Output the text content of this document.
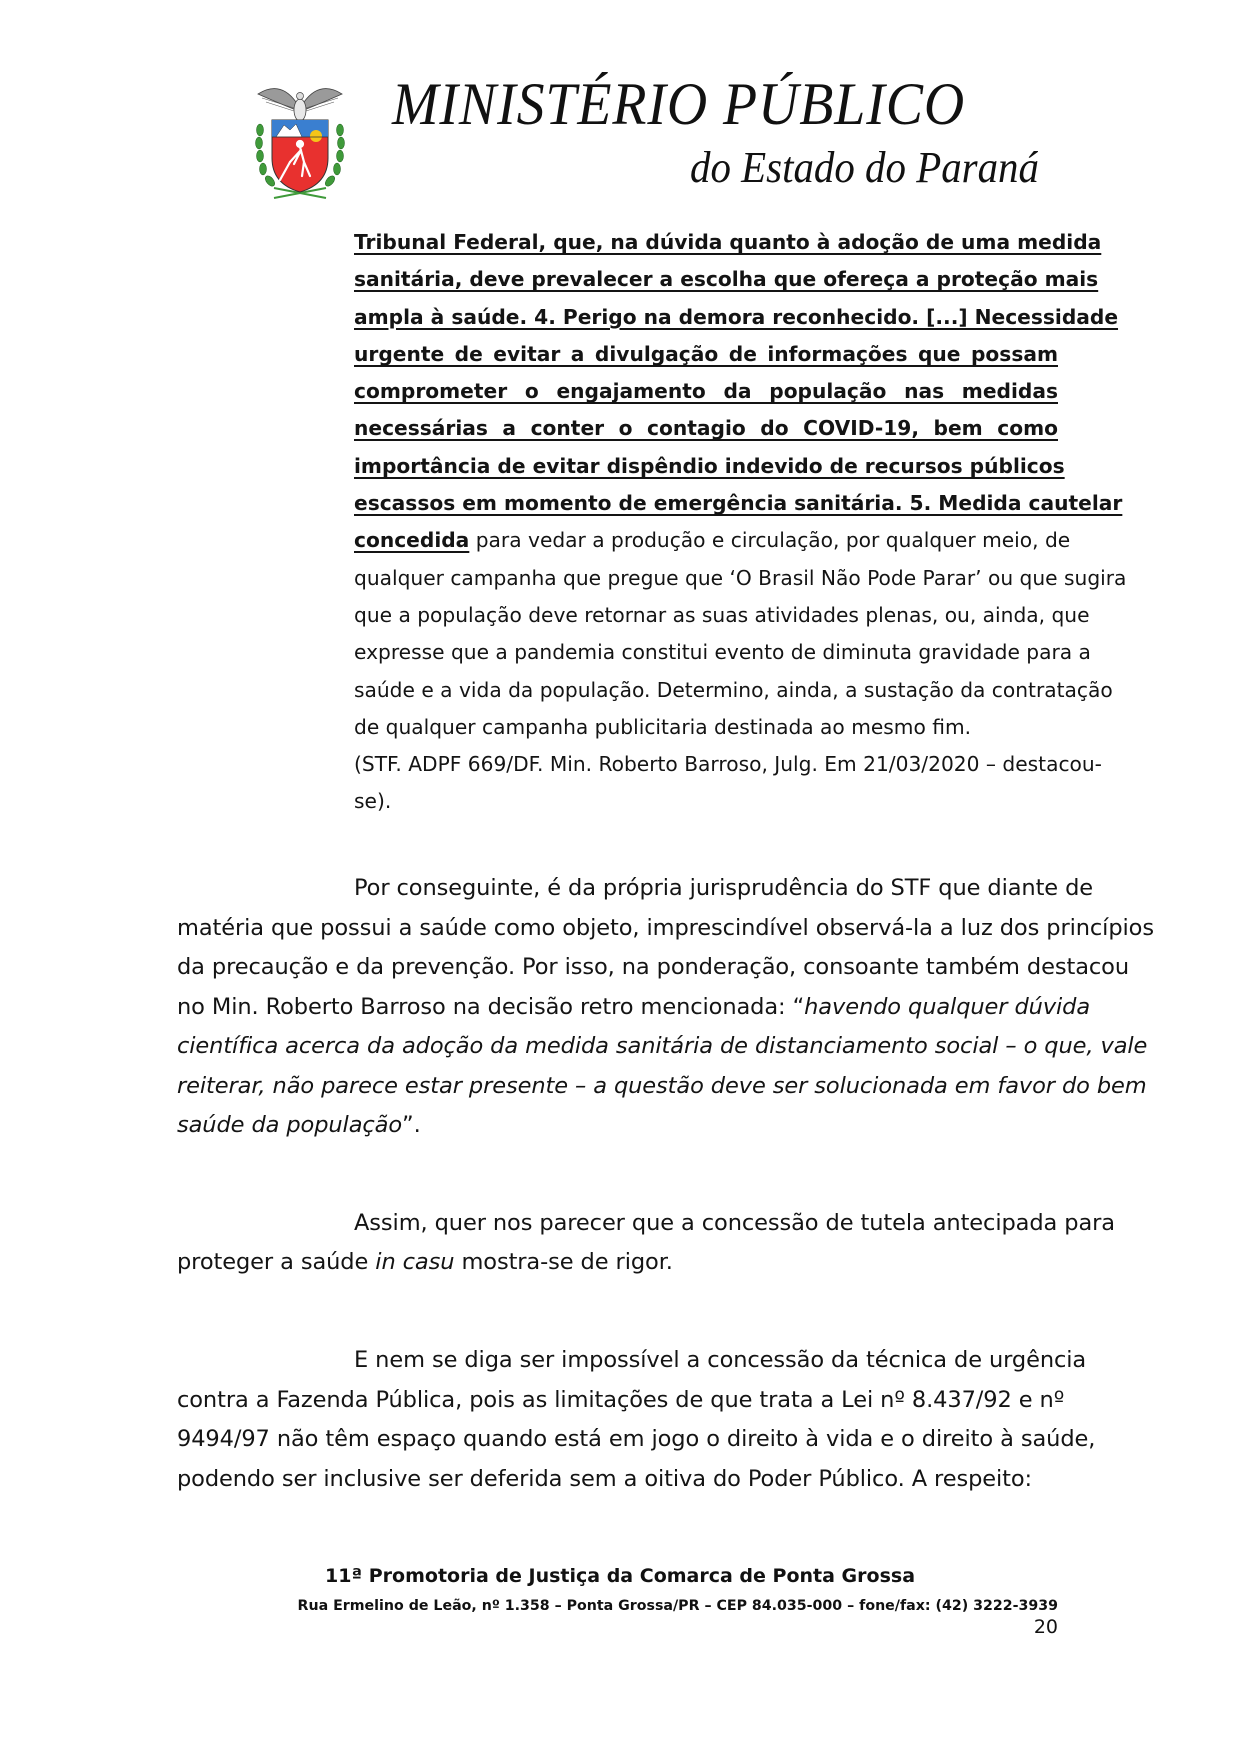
MINISTÉRIO PÚBLICO
do Estado do Paraná
Tribunal Federal, que, na dúvida quanto à adoção de uma medida
sanitária, deve prevalecer a escolha que ofereça a proteção mais
ampla à saúde. 4. Perigo na demora reconhecido. [...] Necessidade
urgente de evitar a divulgação de informações que possam
comprometer o engajamento da população nas medidas
necessárias a conter o contagio do COVID-19, bem como
importância de evitar dispêndio indevido de recursos públicos
escassos em momento de emergência sanitária. 5. Medida cautelar
concedida para vedar a produção e circulação, por qualquer meio, de
qualquer campanha que pregue que ‘O Brasil Não Pode Parar’ ou que sugira
que a população deve retornar as suas atividades plenas, ou, ainda, que
expresse que a pandemia constitui evento de diminuta gravidade para a
saúde e a vida da população. Determino, ainda, a sustação da contratação
de qualquer campanha publicitaria destinada ao mesmo fim.
(STF. ADPF 669/DF. Min. Roberto Barroso, Julg. Em 21/03/2020 – destacou-
se).
Por conseguinte, é da própria jurisprudência do STF que diante de
matéria que possui a saúde como objeto, imprescindível observá-la a luz dos princípios
da precaução e da prevenção. Por isso, na ponderação, consoante também destacou
no Min. Roberto Barroso na decisão retro mencionada: “havendo qualquer dúvida
científica acerca da adoção da medida sanitária de distanciamento social – o que, vale
reiterar, não parece estar presente – a questão deve ser solucionada em favor do bem
saúde da população”.
Assim, quer nos parecer que a concessão de tutela antecipada para
proteger a saúde in casu mostra-se de rigor.
E nem se diga ser impossível a concessão da técnica de urgência
contra a Fazenda Pública, pois as limitações de que trata a Lei nº 8.437/92 e nº
9494/97 não têm espaço quando está em jogo o direito à vida e o direito à saúde,
podendo ser inclusive ser deferida sem a oitiva do Poder Público. A respeito:
11ª Promotoria de Justiça da Comarca de Ponta Grossa
Rua Ermelino de Leão, nº 1.358 – Ponta Grossa/PR – CEP 84.035-000 – fone/fax: (42) 3222-3939
20
